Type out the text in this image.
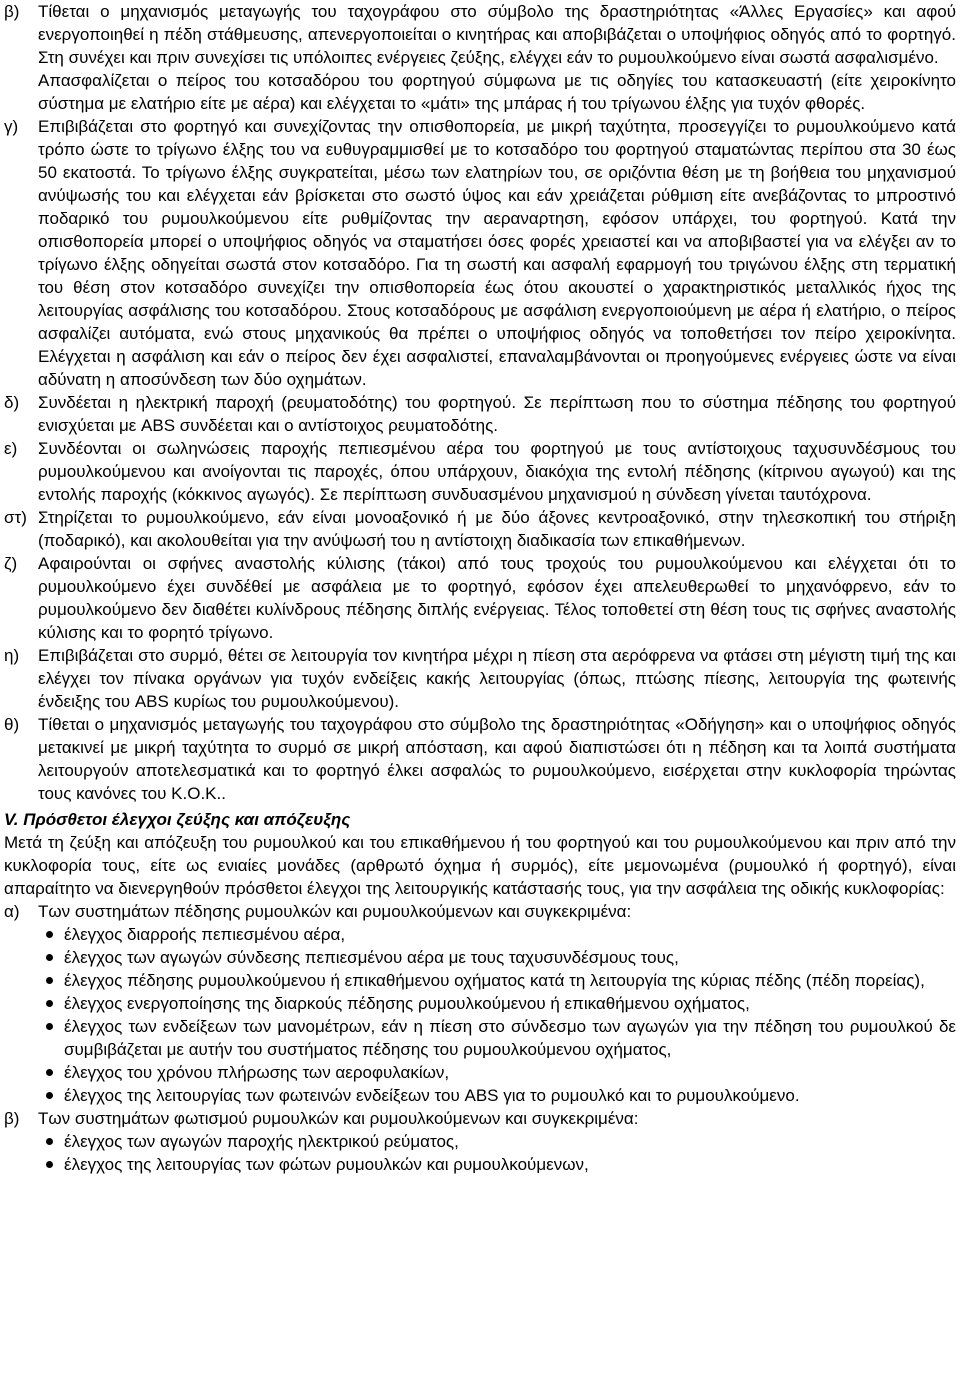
β)	Τίθεται ο μηχανισμός μεταγωγής του ταχογράφου στο σύμβολο της δραστηριότητας «Άλλες Εργασίες» και αφού ενεργοποιηθεί η πέδη στάθμευσης, απενεργοποιείται ο κινητήρας και αποβιβάζεται ο υποψήφιος οδηγός από το φορτηγό. Στη συνέχει και πριν συνεχίσει τις υπόλοιπες ενέργειες ζεύξης, ελέγχει εάν το ρυμουλκούμενο είναι σωστά ασφαλισμένο.
Απασφαλίζεται ο πείρος του κοτσαδόρου του φορτηγού σύμφωνα με τις οδηγίες του κατασκευαστή (είτε χειροκίνητο σύστημα με ελατήριο είτε με αέρα) και ελέγχεται το «μάτι» της μπάρας ή του τρίγωνου έλξης για τυχόν φθορές.
γ)	Επιβιβάζεται στο φορτηγό και συνεχίζοντας την οπισθοπορεία, με μικρή ταχύτητα, προσεγγίζει το ρυμουλκούμενο κατά τρόπο ώστε το τρίγωνο έλξης του να ευθυγραμμισθεί με το κοτσαδόρο του φορτηγού σταματώντας περίπου στα 30 έως 50 εκατοστά. Το τρίγωνο έλξης συγκρατείται, μέσω των ελατηρίων του, σε οριζόντια θέση με τη βοήθεια του μηχανισμού ανύψωσής του και ελέγχεται εάν βρίσκεται στο σωστό ύψος και εάν χρειάζεται ρύθμιση είτε ανεβάζοντας το μπροστινό ποδαρικό του ρυμουλκούμενου είτε ρυθμίζοντας την αεραναρτηση, εφόσον υπάρχει, του φορτηγού. Κατά την οπισθοπορεία μπορεί ο υποψήφιος οδηγός να σταματήσει όσες φορές χρειαστεί και να αποβιβαστεί για να ελέγξει αν το τρίγωνο έλξης οδηγείται σωστά στον κοτσαδόρο. Για τη σωστή και ασφαλή εφαρμογή του τριγώνου έλξης στη τερματική του θέση στον κοτσαδόρο συνεχίζει την οπισθοπορεία έως ότου ακουστεί ο χαρακτηριστικός μεταλλικός ήχος της λειτουργίας ασφάλισης του κοτσαδόρου. Στους κοτσαδόρους με ασφάλιση ενεργοποιούμενη με αέρα ή ελατήριο, ο πείρος ασφαλίζει αυτόματα, ενώ στους μηχανικούς θα πρέπει ο υποψήφιος οδηγός να τοποθετήσει τον πείρο χειροκίνητα. Ελέγχεται η ασφάλιση και εάν ο πείρος δεν έχει ασφαλιστεί, επαναλαμβάνονται οι προηγούμενες ενέργειες ώστε να είναι αδύνατη η αποσύνδεση των δύο οχημάτων.
δ)	Συνδέεται η ηλεκτρική παροχή (ρευματοδότης) του φορτηγού. Σε περίπτωση που το σύστημα πέδησης του φορτηγού ενισχύεται με ABS συνδέεται και ο αντίστοιχος ρευματοδότης.
ε)	Συνδέονται οι σωληνώσεις παροχής πεπιεσμένου αέρα του φορτηγού με τους αντίστοιχους ταχυσυνδέσμους του ρυμουλκούμενου και ανοίγονται τις παροχές, όπου υπάρχουν, διακόχια της εντολή πέδησης (κίτρινου αγωγού) και της εντολής παροχής (κόκκινος αγωγός). Σε περίπτωση συνδυασμένου μηχανισμού η σύνδεση γίνεται ταυτόχρονα.
στ) Στηρίζεται το ρυμουλκούμενο, εάν είναι μονοαξονικό ή με δύο άξονες κεντροαξονικό, στην τηλεσκοπική του στήριξη (ποδαρικό), και ακολουθείται για την ανύψωσή του η αντίστοιχη διαδικασία των επικαθήμενων.
ζ)	Αφαιρούνται οι σφήνες αναστολής κύλισης (τάκοι) από τους τροχούς του ρυμουλκούμενου και ελέγχεται ότι το ρυμουλκούμενο έχει συνδέθεί με ασφάλεια με το φορτηγό, εφόσον έχει απελευθερωθεί το μηχανόφρενο, εάν το ρυμουλκούμενο δεν διαθέτει κυλίνδρους πέδησης διπλής ενέργειας. Τέλος τοποθετεί στη θέση τους τις σφήνες αναστολής κύλισης και το φορητό τρίγωνο.
η)	Επιβιβάζεται στο συρμό, θέτει σε λειτουργία τον κινητήρα μέχρι η πίεση στα αερόφρενα να φτάσει στη μέγιστη τιμή της και ελέγχει τον πίνακα οργάνων για τυχόν ενδείξεις κακής λειτουργίας (όπως, πτώσης πίεσης, λειτουργία της φωτεινής ένδειξης του ABS κυρίως του ρυμουλκούμενου).
θ)	Τίθεται ο μηχανισμός μεταγωγής του ταχογράφου στο σύμβολο της δραστηριότητας «Οδήγηση» και ο υποψήφιος οδηγός μετακινεί με μικρή ταχύτητα το συρμό σε μικρή απόσταση, και αφού διαπιστώσει ότι η πέδηση και τα λοιπά συστήματα λειτουργούν αποτελεσματικά και το φορτηγό έλκει ασφαλώς το ρυμουλκούμενο, εισέρχεται στην κυκλοφορία τηρώντας τους κανόνες του Κ.Ο.Κ..
V. Πρόσθετοι έλεγχοι ζεύξης και απόζευξης

Μετά τη ζεύξη και απόζευξη του ρυμουλκού και του επικαθήμενου ή του φορτηγού και του ρυμουλκούμενου και πριν από την κυκλοφορία τους, είτε ως ενιαίες μονάδες (αρθρωτό όχημα ή συρμός), είτε μεμονωμένα (ρυμουλκό ή φορτηγό), είναι απαραίτητο να διενεργηθούν πρόσθετοι έλεγχοι της λειτουργικής κατάστασής τους, για την ασφάλεια της οδικής κυκλοφορίας:

α)	Των συστημάτων πέδησης ρυμουλκών και ρυμουλκούμενων και συγκεκριμένα:
έλεγχος διαρροής πεπιεσμένου αέρα,
έλεγχος των αγωγών σύνδεσης πεπιεσμένου αέρα με τους ταχυσυνδέσμους τους,
έλεγχος πέδησης ρυμουλκούμενου ή επικαθήμενου οχήματος κατά τη λειτουργία της κύριας πέδης (πέδη πορείας),
έλεγχος ενεργοποίησης της διαρκούς πέδησης ρυμουλκούμενου ή επικαθήμενου οχήματος,
έλεγχος των ενδείξεων των μανομέτρων, εάν η πίεση στο σύνδεσμο των αγωγών για την πέδηση του ρυμουλκού δε συμβιβάζεται με αυτήν του συστήματος πέδησης του ρυμουλκούμενου οχήματος,
έλεγχος του χρόνου πλήρωσης των αεροφυλακίων,
έλεγχος της λειτουργίας των φωτεινών ενδείξεων του ABS για το ρυμουλκό και το ρυμουλκούμενο.
β)	Των συστημάτων φωτισμού ρυμουλκών και ρυμουλκούμενων και συγκεκριμένα:
έλεγχος των αγωγών παροχής ηλεκτρικού ρεύματος,
έλεγχος της λειτουργίας των φώτων ρυμουλκών και ρυμουλκούμενων,
